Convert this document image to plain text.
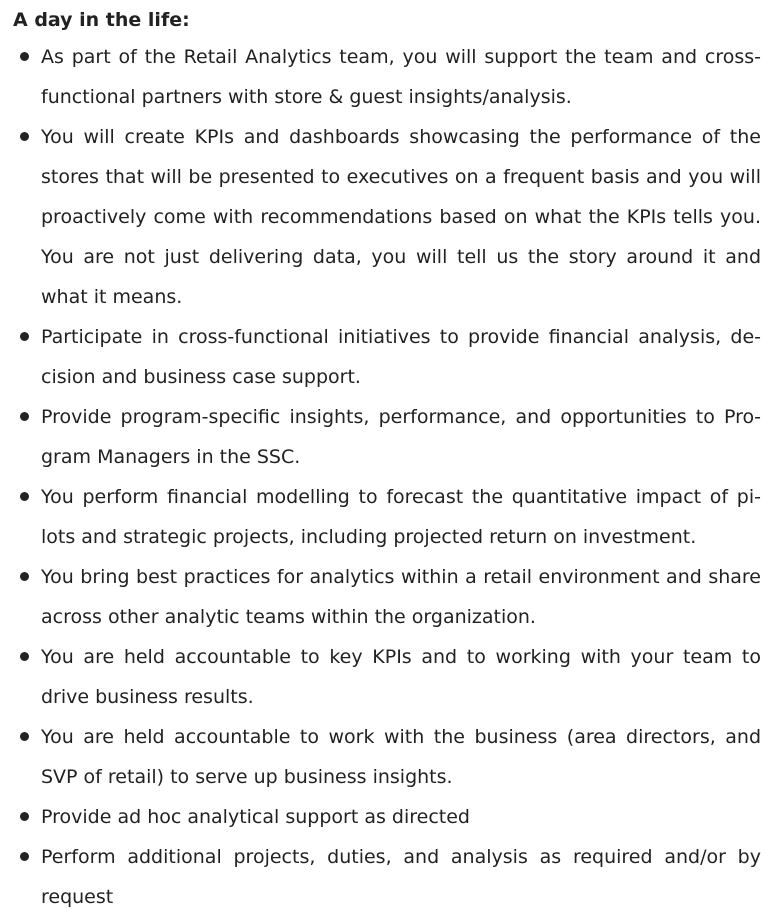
A day in the life:
As part of the Retail Analytics team, you will support the team and cross-functional partners with store & guest insights/analysis.
You will create KPIs and dashboards showcasing the performance of the stores that will be presented to executives on a frequent basis and you will proactively come with recommendations based on what the KPIs tells you. You are not just delivering data, you will tell us the story around it and what it means.
Participate in cross-functional initiatives to provide financial analysis, decision and business case support.
Provide program-specific insights, performance, and opportunities to Program Managers in the SSC.
You perform financial modelling to forecast the quantitative impact of pilots and strategic projects, including projected return on investment.
You bring best practices for analytics within a retail environment and share across other analytic teams within the organization.
You are held accountable to key KPIs and to working with your team to drive business results.
You are held accountable to work with the business (area directors, and SVP of retail) to serve up business insights.
Provide ad hoc analytical support as directed
Perform additional projects, duties, and analysis as required and/or by request
